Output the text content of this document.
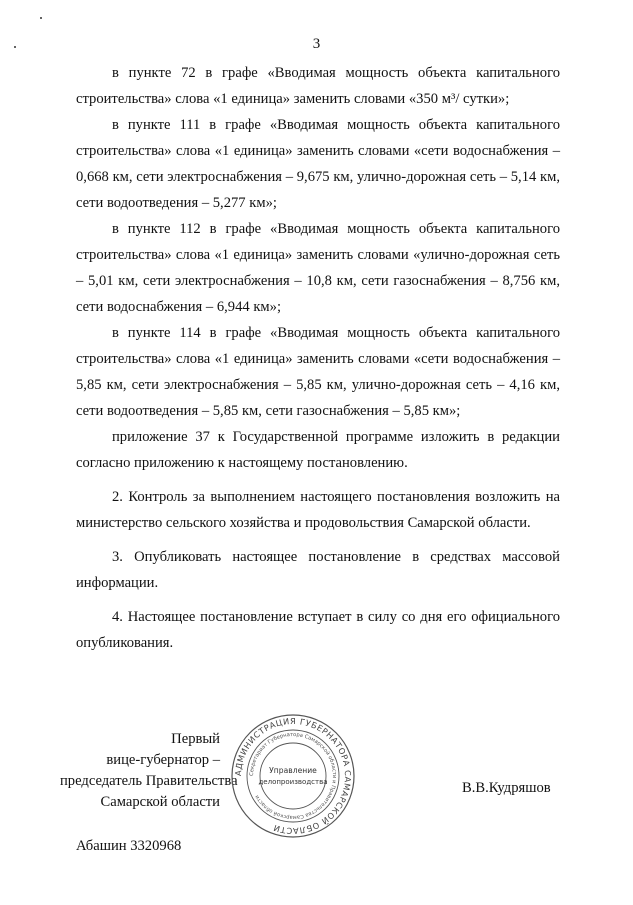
3

в пункте 72 в графе «Вводимая мощность объекта капитального строительства» слова «1 единица» заменить словами «350 м³/ сутки»;

в пункте 111 в графе «Вводимая мощность объекта капитального строительства» слова «1 единица» заменить словами «сети водоснабжения – 0,668 км, сети электроснабжения – 9,675 км, улично-дорожная сеть – 5,14 км, сети водоотведения – 5,277 км»;

в пункте 112 в графе «Вводимая мощность объекта капитального строительства» слова «1 единица» заменить словами «улично-дорожная сеть – 5,01 км, сети электроснабжения – 10,8 км, сети газоснабжения – 8,756 км, сети водоснабжения – 6,944 км»;

в пункте 114 в графе «Вводимая мощность объекта капитального строительства» слова «1 единица» заменить словами «сети водоснабжения – 5,85 км, сети электроснабжения – 5,85 км, улично-дорожная сеть – 4,16 км, сети водоотведения – 5,85 км, сети газоснабжения – 5,85 км»;

приложение 37 к Государственной программе изложить в редакции согласно приложению к настоящему постановлению.

2. Контроль за выполнением настоящего постановления возложить на министерство сельского хозяйства и продовольствия Самарской области.

3. Опубликовать настоящее постановление в средствах массовой информации.

4. Настоящее постановление вступает в силу со дня его официального опубликования.

Первый
вице-губернатор –
председатель Правительства
Самарской области
АДМИНИСТРАЦИЯ ГУБЕРНАТОРА САМАРСКОЙ ОБЛАСТИ
Секретариат Губернатора Самарской области и Правительства Самарской области
Управление
делопроизводства	В.В.Кудряшов
Абашин 3320968
